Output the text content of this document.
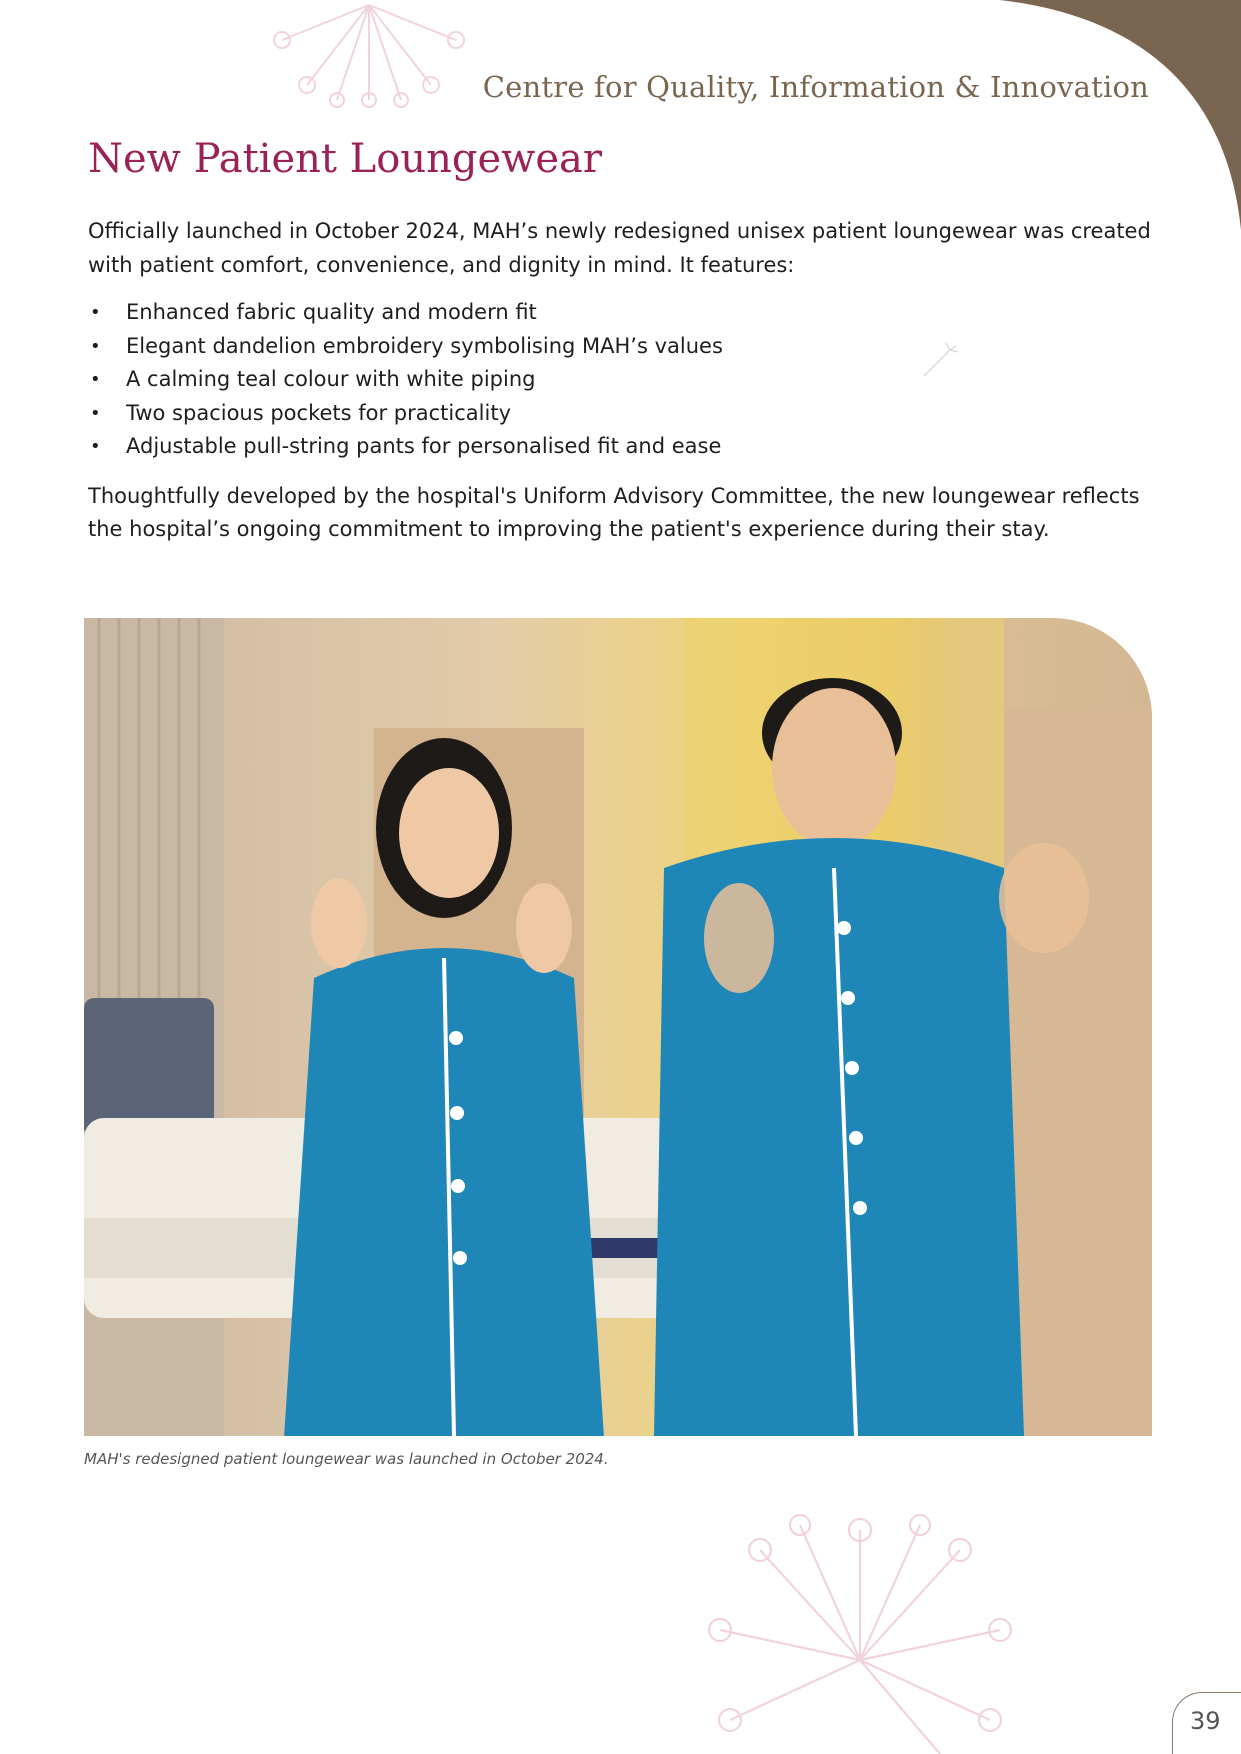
Centre for Quality, Information & Innovation
New Patient Loungewear

Officially launched in October 2024, MAH’s newly redesigned unisex patient loungewear was created with patient comfort, convenience, and dignity in mind. It features:

• Enhanced fabric quality and modern fit
• Elegant dandelion embroidery symbolising MAH’s values
• A calming teal colour with white piping
• Two spacious pockets for practicality
• Adjustable pull-string pants for personalised fit and ease

Thoughtfully developed by the hospital's Uniform Advisory Committee, the new loungewear reflects the hospital’s ongoing commitment to improving the patient's experience during their stay.

MAH's redesigned patient loungewear was launched in October 2024.
39
